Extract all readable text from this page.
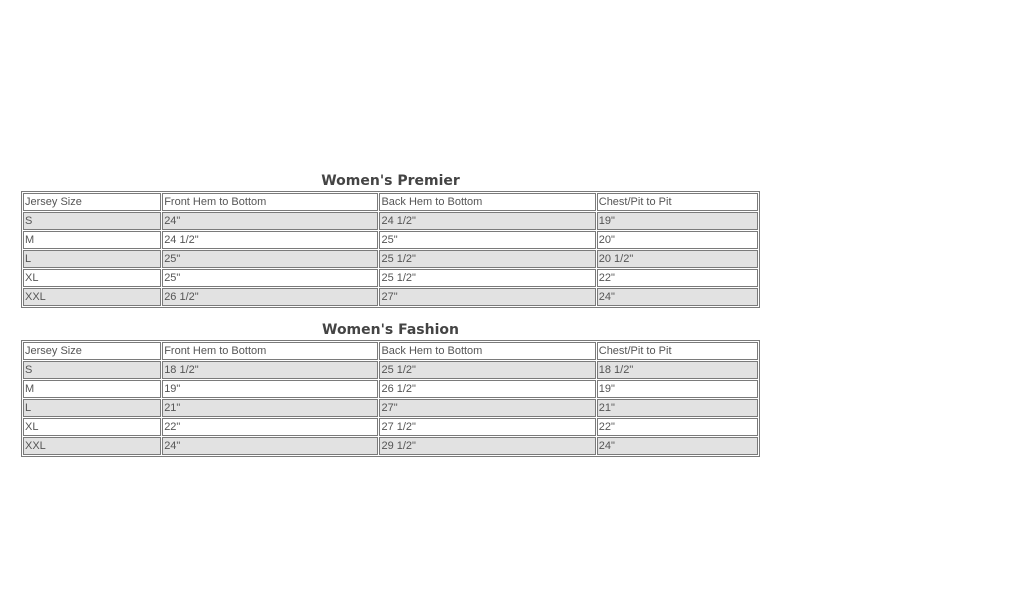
Women's Premier
Jersey Size	Front Hem to Bottom	Back Hem to Bottom	Chest/Pit to Pit
S	24"	24 1/2"	19"
M	24 1/2"	25"	20"
L	25"	25 1/2"	20 1/2"
XL	25"	25 1/2"	22"
XXL	26 1/2"	27"	24"
Women's Fashion
Jersey Size	Front Hem to Bottom	Back Hem to Bottom	Chest/Pit to Pit
S	18 1/2"	25 1/2"	18 1/2"
M	19"	26 1/2"	19"
L	21"	27"	21"
XL	22"	27 1/2"	22"
XXL	24"	29 1/2"	24"
